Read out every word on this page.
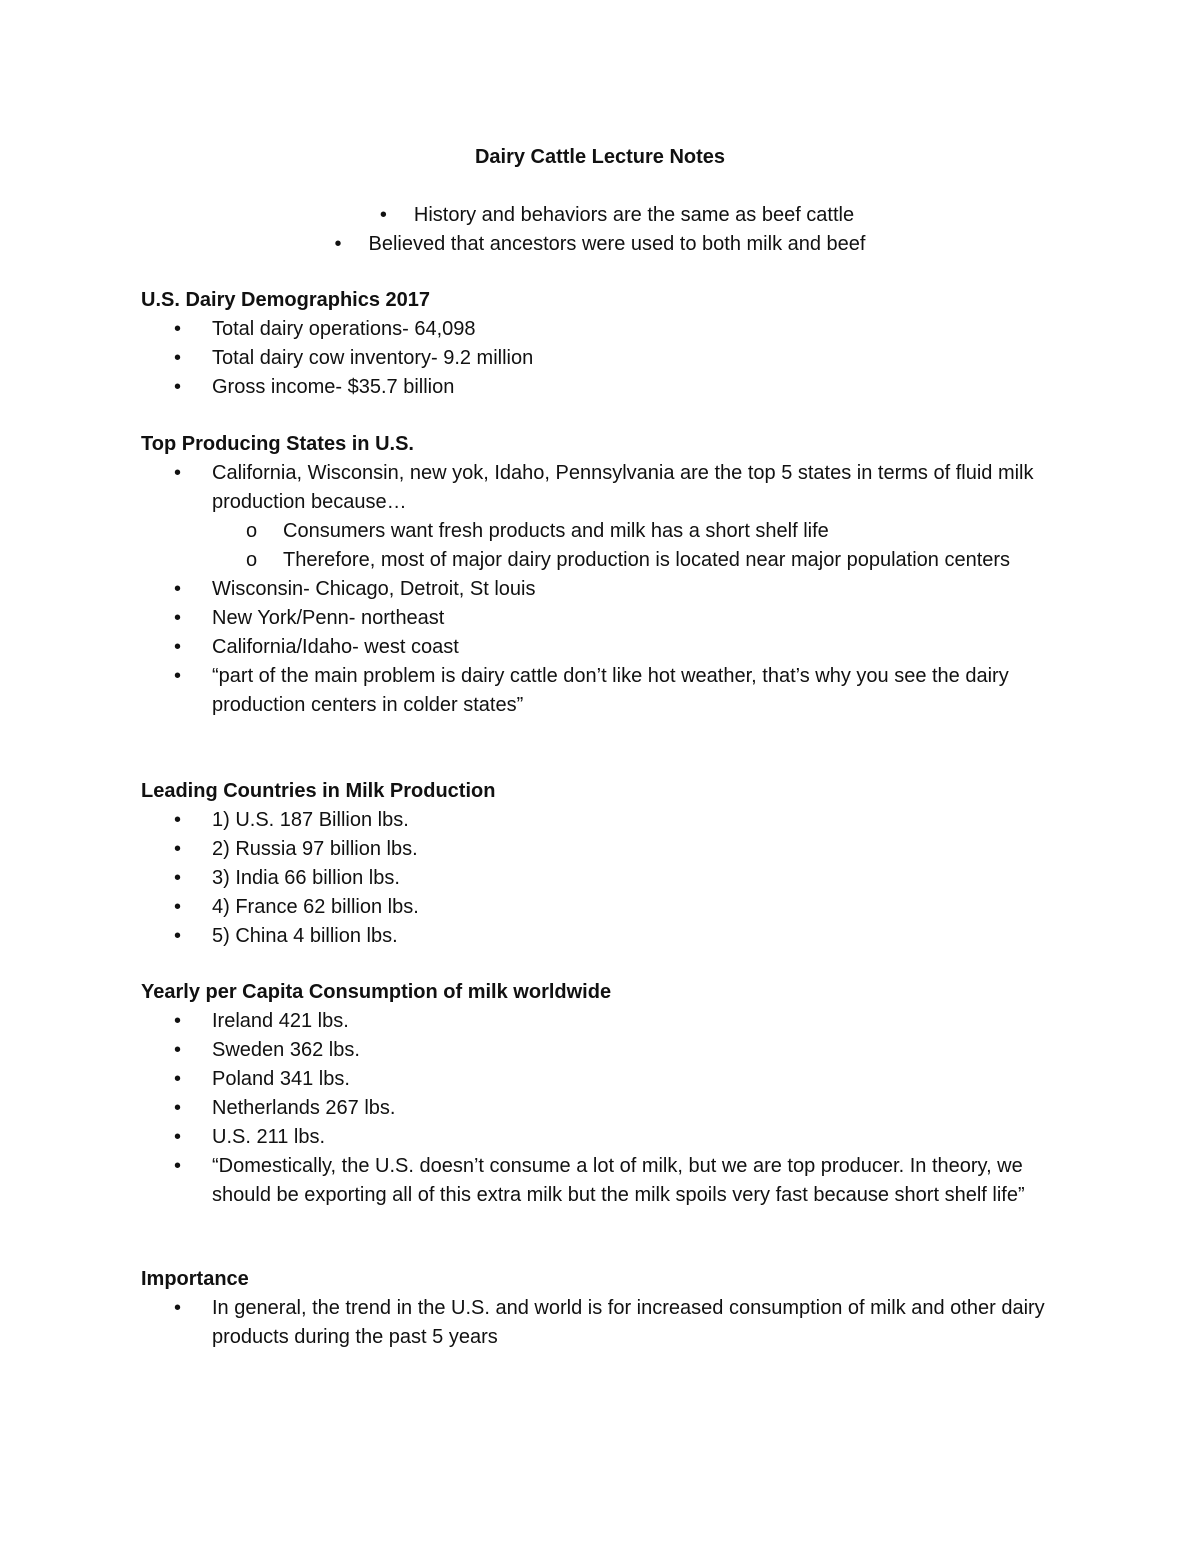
Dairy Cattle Lecture Notes
• History and behaviors are the same as beef cattle
• Believed that ancestors were used to both milk and beef
U.S. Dairy Demographics 2017
• Total dairy operations- 64,098
• Total dairy cow inventory- 9.2 million
• Gross income- $35.7 billion
Top Producing States in U.S.
• California, Wisconsin, new yok, Idaho, Pennsylvania are the top 5 states in terms of fluid milk production because…
o Consumers want fresh products and milk has a short shelf life
o Therefore, most of major dairy production is located near major population centers
• Wisconsin- Chicago, Detroit, St louis
• New York/Penn- northeast
• California/Idaho- west coast
• “part of the main problem is dairy cattle don’t like hot weather, that’s why you see the dairy production centers in colder states”
Leading Countries in Milk Production
• 1) U.S. 187 Billion lbs.
• 2) Russia 97 billion lbs.
• 3) India 66 billion lbs.
• 4) France 62 billion lbs.
• 5) China 4 billion lbs.
Yearly per Capita Consumption of milk worldwide
• Ireland 421 lbs.
• Sweden 362 lbs.
• Poland 341 lbs.
• Netherlands 267 lbs.
• U.S. 211 lbs.
• “Domestically, the U.S. doesn’t consume a lot of milk, but we are top producer. In theory, we should be exporting all of this extra milk but the milk spoils very fast because short shelf life”
Importance
• In general, the trend in the U.S. and world is for increased consumption of milk and other dairy products during the past 5 years
